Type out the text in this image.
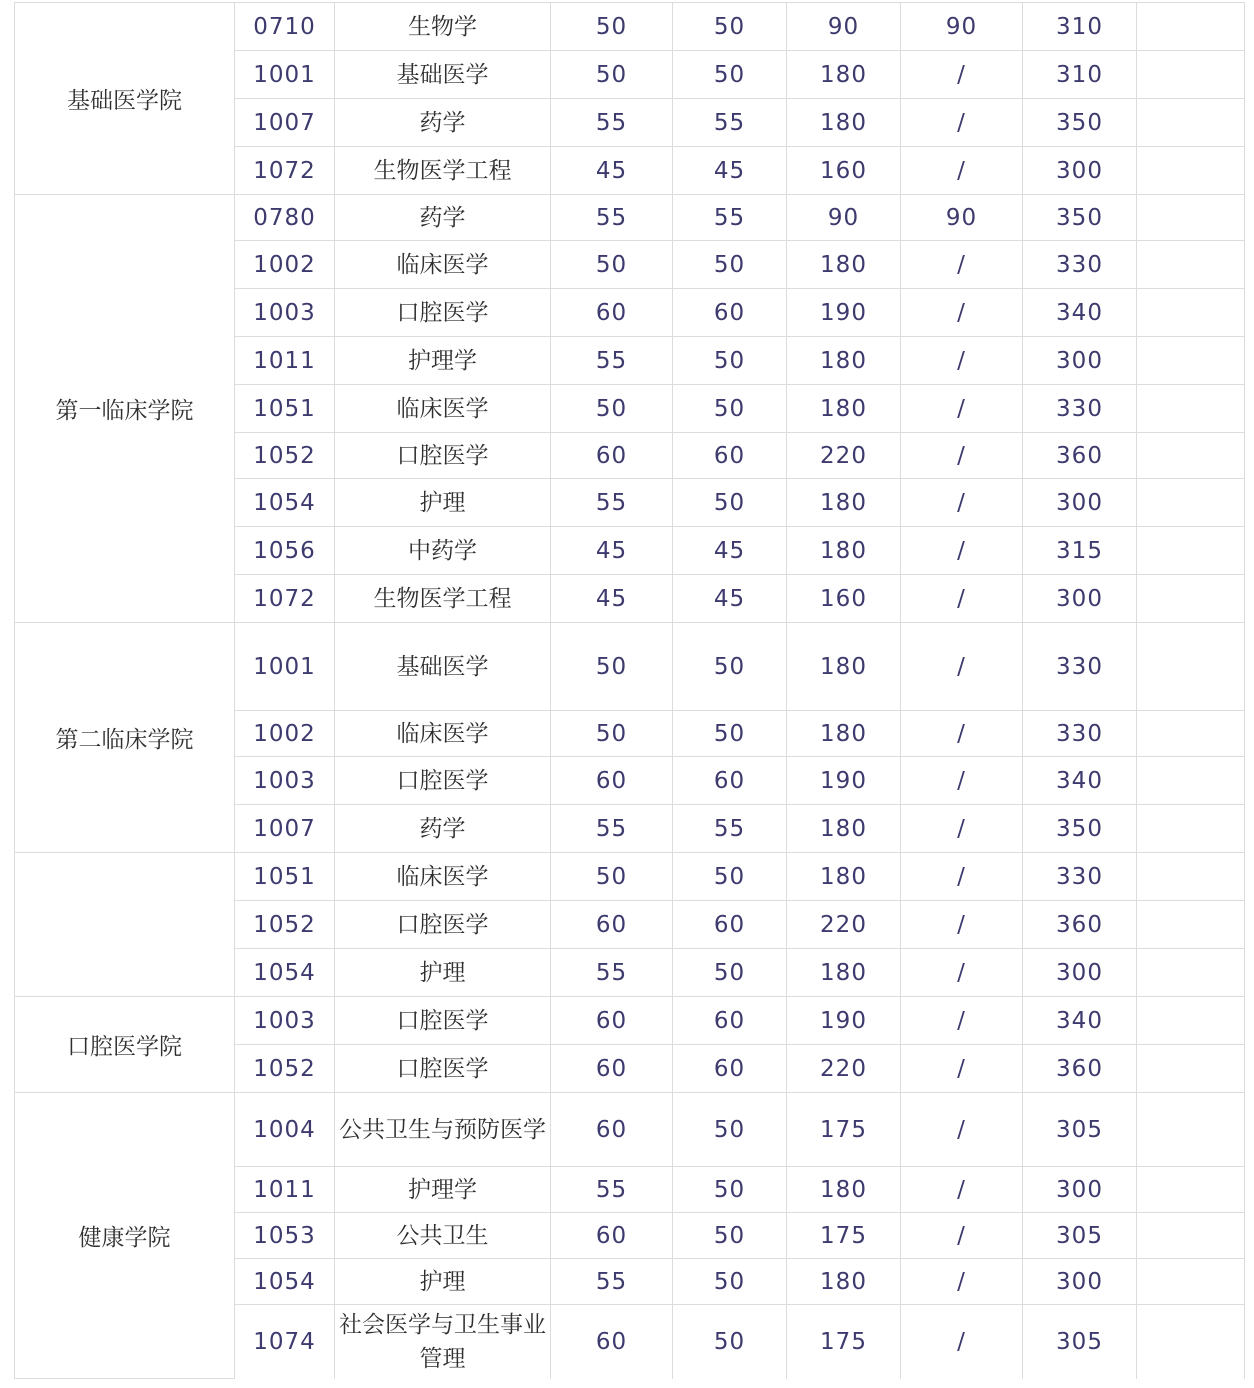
基础医学院	0710	生物学	50	50	90	90	310	
	1001	基础医学	50	50	180	/	310	
	1007	药学	55	55	180	/	350	
	1072	生物医学工程	45	45	160	/	300	
第一临床学院	0780	药学	55	55	90	90	350	
	1002	临床医学	50	50	180	/	330	
	1003	口腔医学	60	60	190	/	340	
	1011	护理学	55	50	180	/	300	
	1051	临床医学	50	50	180	/	330	
	1052	口腔医学	60	60	220	/	360	
	1054	护理	55	50	180	/	300	
	1056	中药学	45	45	180	/	315	
	1072	生物医学工程	45	45	160	/	300	
第二临床学院	1001	基础医学	50	50	180	/	330	
	1002	临床医学	50	50	180	/	330	
	1003	口腔医学	60	60	190	/	340	
	1007	药学	55	55	180	/	350	
	1051	临床医学	50	50	180	/	330	
	1052	口腔医学	60	60	220	/	360	
	1054	护理	55	50	180	/	300	
口腔医学院	1003	口腔医学	60	60	190	/	340	
	1052	口腔医学	60	60	220	/	360	
健康学院	1004	公共卫生与预防医学	60	50	175	/	305	
	1011	护理学	55	50	180	/	300	
	1053	公共卫生	60	50	175	/	305	
	1054	护理	55	50	180	/	300	
	1074	社会医学与卫生事业管理	60	50	175	/	305	
